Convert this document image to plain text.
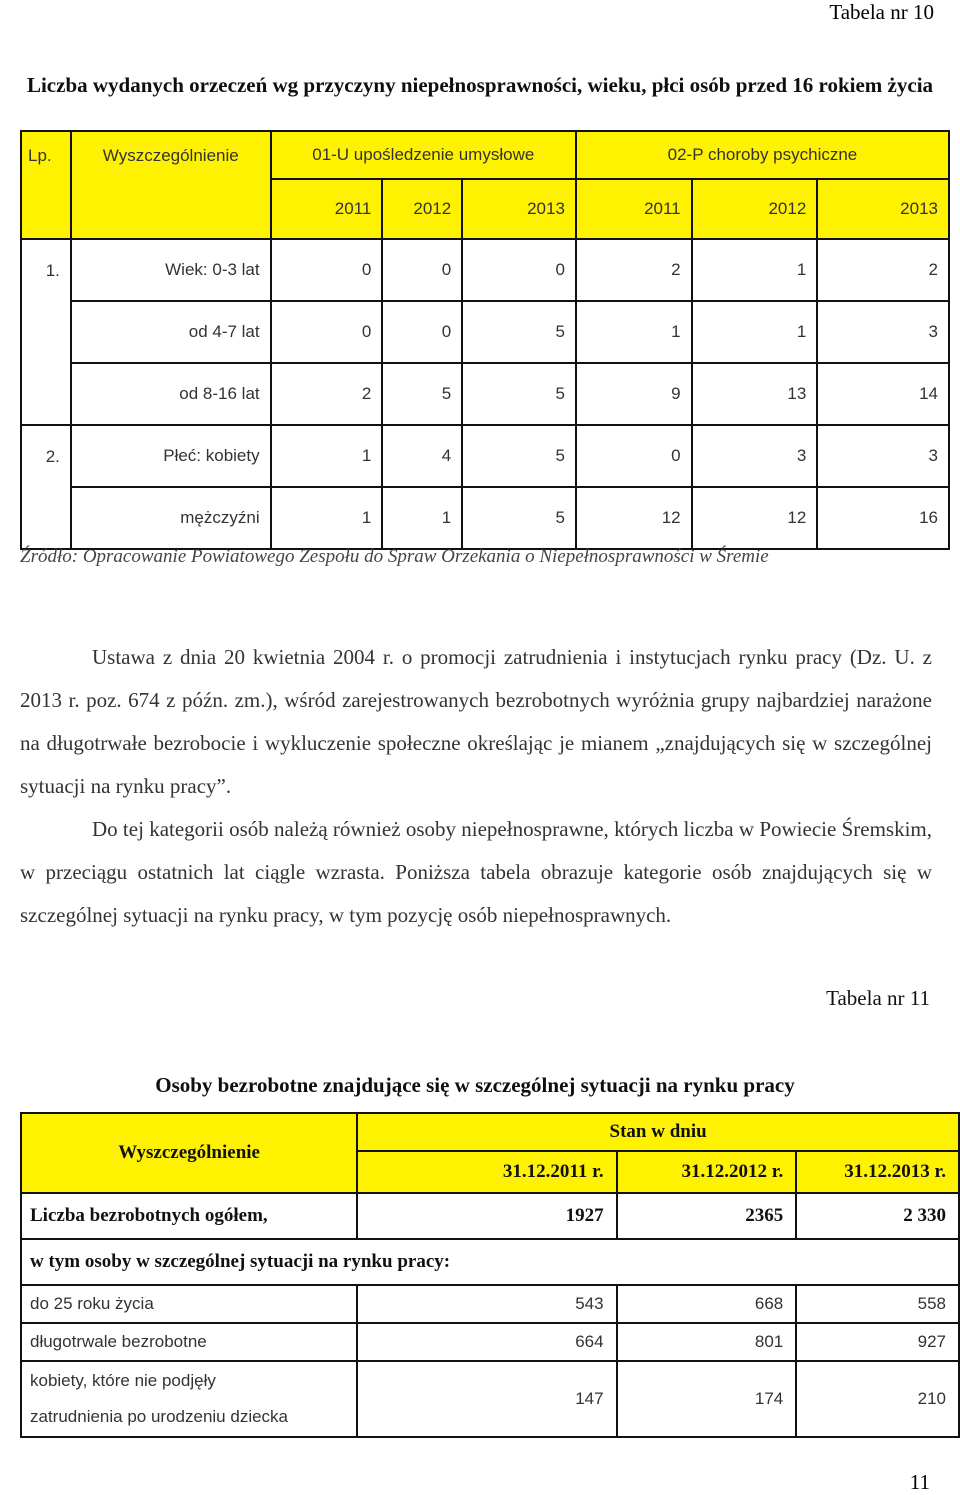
Tabela nr 10
Liczba wydanych orzeczeń wg przyczyny niepełnosprawności, wieku, płci osób przed 16 rokiem życia
Lp.	Wyszczególnienie	01-U upośledzenie umysłowe			02-P choroby psychiczne		
		2011	2012	2013	2011	2012	2013
1.	Wiek: 0-3 lat	0	0	0	2	1	2
	od 4-7 lat	0	0	5	1	1	3
	od 8-16 lat	2	5	5	9	13	14
2.	Płeć: kobiety	1	4	5	0	3	3
	mężczyźni	1	1	5	12	12	16
Źródło: Opracowanie Powiatowego Zespołu do Spraw Orzekania o Niepełnosprawności w Śremie

Ustawa z dnia 20 kwietnia 2004 r. o promocji zatrudnienia i instytucjach rynku pracy (Dz. U. z 2013 r. poz. 674 z późn. zm.), wśród zarejestrowanych bezrobotnych wyróżnia grupy najbardziej narażone na długotrwałe bezrobocie i wykluczenie społeczne określając je mianem „znajdujących się w szczególnej sytuacji na rynku pracy”.

Do tej kategorii osób należą również osoby niepełnosprawne, których liczba w Powiecie Śremskim, w przeciągu ostatnich lat ciągle wzrasta. Poniższa tabela obrazuje kategorie osób znajdujących się w szczególnej sytuacji na rynku pracy, w tym pozycję osób niepełnosprawnych.

Tabela nr 11
Osoby bezrobotne znajdujące się w szczególnej sytuacji na rynku pracy
Wyszczególnienie	Stan w dniu		
	31.12.2011 r.	31.12.2012 r.	31.12.2013 r.
Liczba bezrobotnych ogółem,	1927	2365	2 330
w tym osoby w szczególnej sytuacji na rynku pracy:			
do 25 roku życia	543	668	558
długotrwale bezrobotne	664	801	927
kobiety, które nie podjęły
zatrudnienia po urodzeniu dziecka	147	174	210
11
